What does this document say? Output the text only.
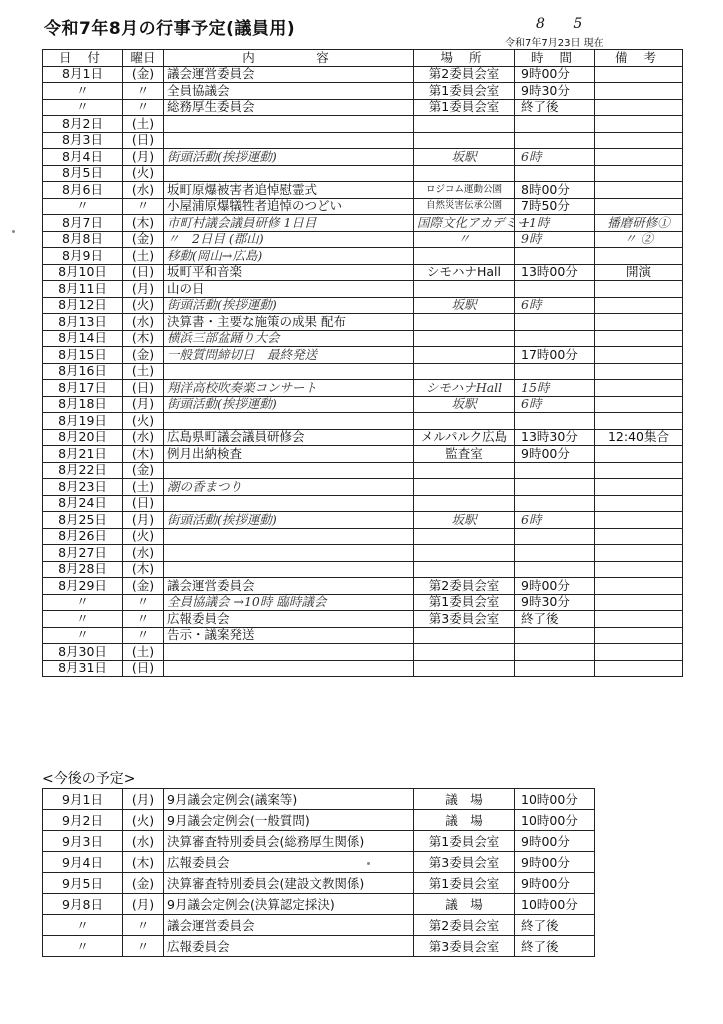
令和7年8月の行事予定(議員用)	8 5
令和7年7月23日 現在
日 付	曜日	内　　　容	場 所	時 間	備 考
8月1日	(金)	議会運営委員会	第2委員会室	9時00分	
〃	〃	全員協議会	第1委員会室	9時30分	
〃	〃	総務厚生委員会	第1委員会室	終了後	
8月2日	(土)				
8月3日	(日)				
8月4日	(月)	街頭活動(挨拶運動)	坂駅	6時	
8月5日	(火)				
8月6日	(水)	坂町原爆被害者追悼慰霊式	ロジコム運動公園	8時00分	
〃	〃	小屋浦原爆犠牲者追悼のつどい	自然災害伝承公園	7時50分	
8月7日	(木)	市町村議会議員研修 1日目	国際文化アカデミー	11時	播磨研修①
8月8日	(金)	〃　2日目 (郡山)	〃	9時	〃 ②
8月9日	(土)	移動(岡山→広島)			
8月10日	(日)	坂町平和音楽	シモハナHall	13時00分	開演
8月11日	(月)	山の日			
8月12日	(火)	街頭活動(挨拶運動)	坂駅	6時	
8月13日	(水)	決算書・主要な施策の成果 配布			
8月14日	(木)	横浜三部盆踊り大会			
8月15日	(金)	一般質問締切日　最終発送		17時00分	
8月16日	(土)				
8月17日	(日)	翔洋高校吹奏楽コンサート	シモハナHall	15時	
8月18日	(月)	街頭活動(挨拶運動)	坂駅	6時	
8月19日	(火)				
8月20日	(水)	広島県町議会議員研修会	メルパルク広島	13時30分	12:40集合
8月21日	(木)	例月出納検査	監査室	9時00分	
8月22日	(金)				
8月23日	(土)	潮の香まつり			
8月24日	(日)				
8月25日	(月)	街頭活動(挨拶運動)	坂駅	6時	
8月26日	(火)				
8月27日	(水)				
8月28日	(木)				
8月29日	(金)	議会運営委員会	第2委員会室	9時00分	
〃	〃	全員協議会 →10時 臨時議会	第1委員会室	9時30分	
〃	〃	広報委員会	第3委員会室	終了後	
〃	〃	告示・議案発送			
8月30日	(土)				
8月31日	(日)				
<今後の予定>
9月1日	(月)	9月議会定例会(議案等)	議　場	10時00分
9月2日	(火)	9月議会定例会(一般質問)	議　場	10時00分
9月3日	(水)	決算審査特別委員会(総務厚生関係)	第1委員会室	9時00分
9月4日	(木)	広報委員会	第3委員会室	9時00分
9月5日	(金)	決算審査特別委員会(建設文教関係)	第1委員会室	9時00分
9月8日	(月)	9月議会定例会(決算認定採決)	議　場	10時00分
〃	〃	議会運営委員会	第2委員会室	終了後
〃	〃	広報委員会	第3委員会室	終了後
